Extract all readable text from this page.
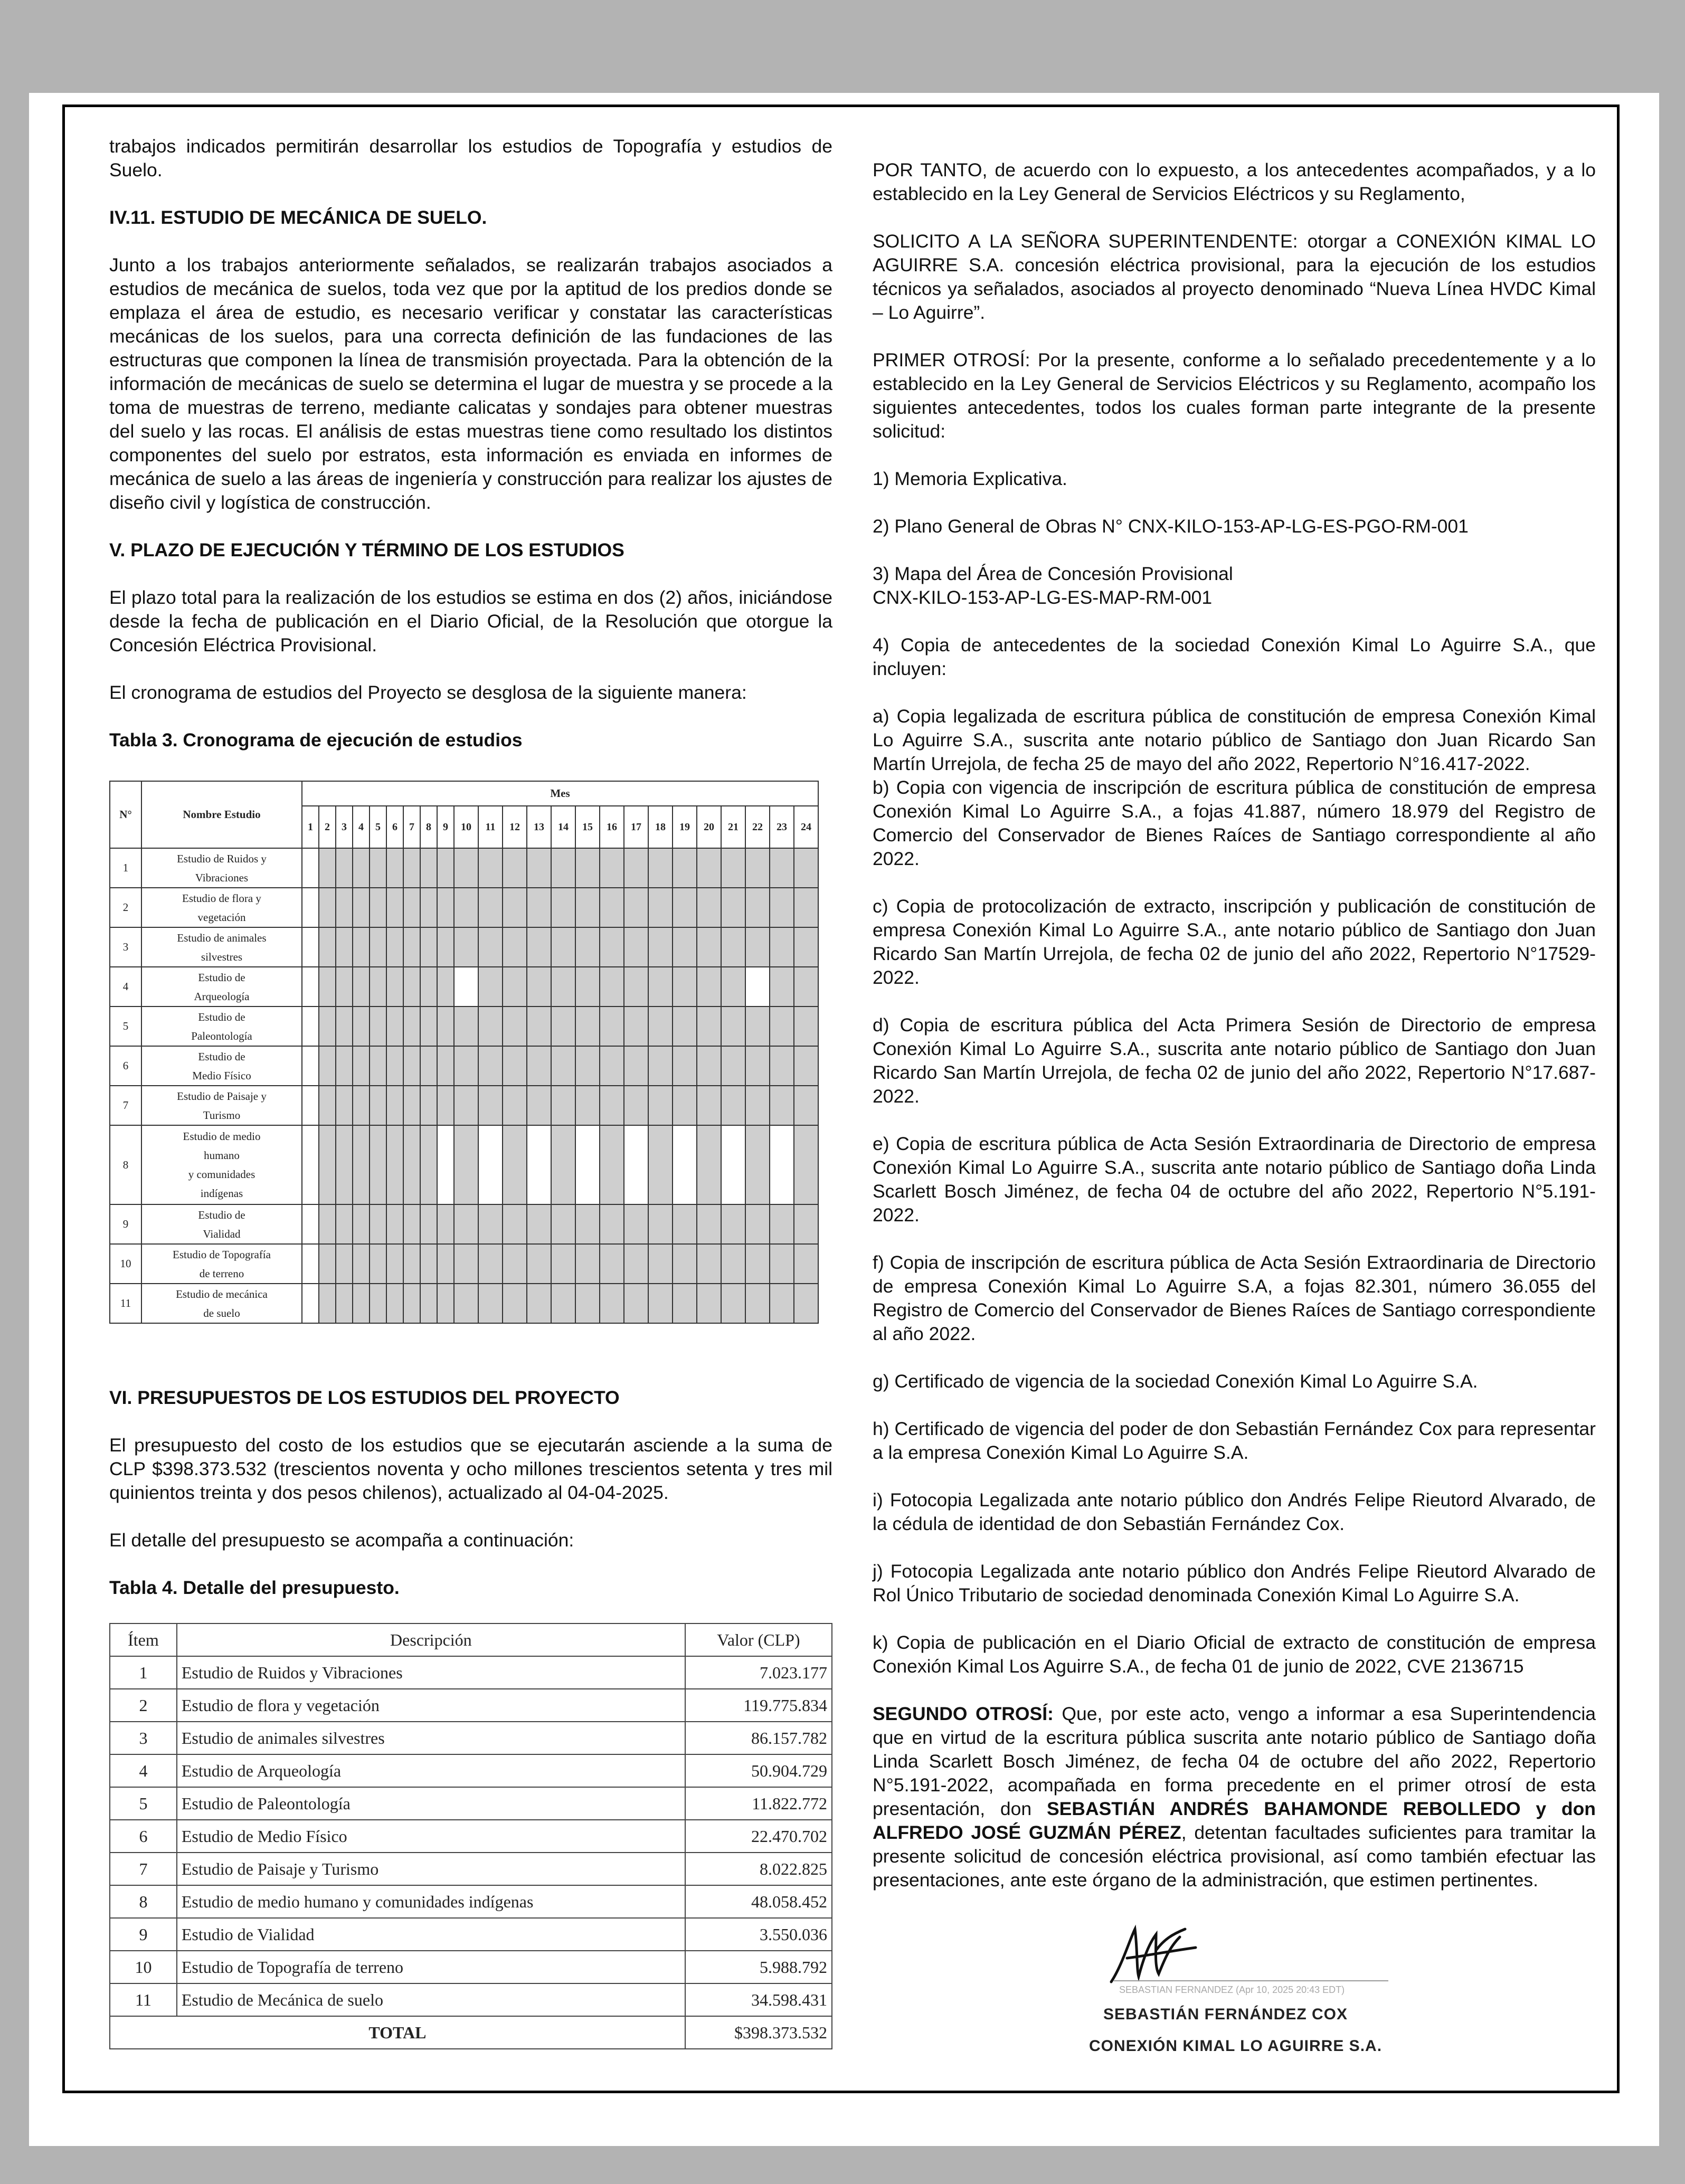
trabajos indicados permitirán desarrollar los estudios de Topografía y estudios de Suelo.

IV.11. ESTUDIO DE MECÁNICA DE SUELO.

Junto a los trabajos anteriormente señalados, se realizarán trabajos asociados a estudios de mecánica de suelos, toda vez que por la aptitud de los predios donde se emplaza el área de estudio, es necesario verificar y constatar las características mecánicas de los suelos, para una correcta definición de las fundaciones de las estructuras que componen la línea de transmisión proyectada. Para la obtención de la información de mecánicas de suelo se determina el lugar de muestra y se procede a la toma de muestras de terreno, mediante calicatas y sondajes para obtener muestras del suelo y las rocas. El análisis de estas muestras tiene como resultado los distintos componentes del suelo por estratos, esta información es enviada en informes de mecánica de suelo a las áreas de ingeniería y construcción para realizar los ajustes de diseño civil y logística de construcción.

V. PLAZO DE EJECUCIÓN Y TÉRMINO DE LOS ESTUDIOS

El plazo total para la realización de los estudios se estima en dos (2) años, iniciándose desde la fecha de publicación en el Diario Oficial, de la Resolución que otorgue la Concesión Eléctrica Provisional.

El cronograma de estudios del Proyecto se desglosa de la siguiente manera:

Tabla 3. Cronograma de ejecución de estudios

N°	Nombre Estudio	Mes																							
		1	2	3	4	5	6	7	8	9	10	11	12	13	14	15	16	17	18	19	20	21	22	23	24
1	Estudio de Ruidos y
Vibraciones																								

2	Estudio de flora y
vegetación																								

3	Estudio de animales
silvestres																								

4	Estudio de
Arqueología																								

5	Estudio de
Paleontología																								

6	Estudio de
Medio Físico																								

7	Estudio de Paisaje y
Turismo																								

8	Estudio de medio
humano
y comunidades
indígenas																								

9	Estudio de
Vialidad																								

10	Estudio de Topografía
de terreno																								

11	Estudio de mecánica
de suelo																								

VI. PRESUPUESTOS DE LOS ESTUDIOS DEL PROYECTO

El presupuesto del costo de los estudios que se ejecutarán asciende a la suma de CLP $398.373.532 (trescientos noventa y ocho millones trescientos setenta y tres mil quinientos treinta y dos pesos chilenos), actualizado al 04-04-2025.

El detalle del presupuesto se acompaña a continuación:

Tabla 4. Detalle del presupuesto.

Ítem	Descripción	Valor (CLP)
1	Estudio de Ruidos y Vibraciones	7.023.177
2	Estudio de flora y vegetación	119.775.834
3	Estudio de animales silvestres	86.157.782
4	Estudio de Arqueología	50.904.729
5	Estudio de Paleontología	11.822.772
6	Estudio de Medio Físico	22.470.702
7	Estudio de Paisaje y Turismo	8.022.825
8	Estudio de medio humano y comunidades indígenas	48.058.452
9	Estudio de Vialidad	3.550.036
10	Estudio de Topografía de terreno	5.988.792
11	Estudio de Mecánica de suelo	34.598.431
TOTAL		$398.373.532

POR TANTO, de acuerdo con lo expuesto, a los antecedentes acompañados, y a lo establecido en la Ley General de Servicios Eléctricos y su Reglamento,

SOLICITO A LA SEÑORA SUPERINTENDENTE: otorgar a CONEXIÓN KIMAL LO AGUIRRE S.A. concesión eléctrica provisional, para la ejecución de los estudios técnicos ya señalados, asociados al proyecto denominado “Nueva Línea HVDC Kimal – Lo Aguirre”.

PRIMER OTROSÍ: Por la presente, conforme a lo señalado precedentemente y a lo establecido en la Ley General de Servicios Eléctricos y su Reglamento, acompaño los siguientes antecedentes, todos los cuales forman parte integrante de la presente solicitud:

1) Memoria Explicativa.

2) Plano General de Obras N° CNX-KILO-153-AP-LG-ES-PGO-RM-001

3) Mapa del Área de Concesión Provisional

CNX-KILO-153-AP-LG-ES-MAP-RM-001

4) Copia de antecedentes de la sociedad Conexión Kimal Lo Aguirre S.A., que incluyen:

a) Copia legalizada de escritura pública de constitución de empresa Conexión Kimal Lo Aguirre S.A., suscrita ante notario público de Santiago don Juan Ricardo San Martín Urrejola, de fecha 25 de mayo del año 2022, Repertorio N°16.417-2022.

b) Copia con vigencia de inscripción de escritura pública de constitución de empresa Conexión Kimal Lo Aguirre S.A., a fojas 41.887, número 18.979 del Registro de Comercio del Conservador de Bienes Raíces de Santiago correspondiente al año 2022.

c) Copia de protocolización de extracto, inscripción y publicación de constitución de empresa Conexión Kimal Lo Aguirre S.A., ante notario público de Santiago don Juan Ricardo San Martín Urrejola, de fecha 02 de junio del año 2022, Repertorio N°17529-2022.

d) Copia de escritura pública del Acta Primera Sesión de Directorio de empresa Conexión Kimal Lo Aguirre S.A., suscrita ante notario público de Santiago don Juan Ricardo San Martín Urrejola, de fecha 02 de junio del año 2022, Repertorio N°17.687-2022.

e) Copia de escritura pública de Acta Sesión Extraordinaria de Directorio de empresa Conexión Kimal Lo Aguirre S.A., suscrita ante notario público de Santiago doña Linda Scarlett Bosch Jiménez, de fecha 04 de octubre del año 2022, Repertorio N°5.191-2022.

f) Copia de inscripción de escritura pública de Acta Sesión Extraordinaria de Directorio de empresa Conexión Kimal Lo Aguirre S.A, a fojas 82.301, número 36.055 del Registro de Comercio del Conservador de Bienes Raíces de Santiago correspondiente al año 2022.

g) Certificado de vigencia de la sociedad Conexión Kimal Lo Aguirre S.A.

h) Certificado de vigencia del poder de don Sebastián Fernández Cox para representar a la empresa Conexión Kimal Lo Aguirre S.A.

i) Fotocopia Legalizada ante notario público don Andrés Felipe Rieutord Alvarado, de la cédula de identidad de don Sebastián Fernández Cox.

j) Fotocopia Legalizada ante notario público don Andrés Felipe Rieutord Alvarado de Rol Único Tributario de sociedad denominada Conexión Kimal Lo Aguirre S.A.

k) Copia de publicación en el Diario Oficial de extracto de constitución de empresa Conexión Kimal Los Aguirre S.A., de fecha 01 de junio de 2022, CVE 2136715

SEGUNDO OTROSÍ: Que, por este acto, vengo a informar a esa Superintendencia que en virtud de la escritura pública suscrita ante notario público de Santiago doña Linda Scarlett Bosch Jiménez, de fecha 04 de octubre del año 2022, Repertorio N°5.191-2022, acompañada en forma precedente en el primer otrosí de esta presentación, don SEBASTIÁN ANDRÉS BAHAMONDE REBOLLEDO y don ALFREDO JOSÉ GUZMÁN PÉREZ, detentan facultades suficientes para tramitar la presente solicitud de concesión eléctrica provisional, así como también efectuar las presentaciones, ante este órgano de la administración, que estimen pertinentes.

SEBASTIAN FERNANDEZ (Apr 10, 2025 20:43 EDT)
SEBASTIÁN FERNÁNDEZ COX
CONEXIÓN KIMAL LO AGUIRRE S.A.
